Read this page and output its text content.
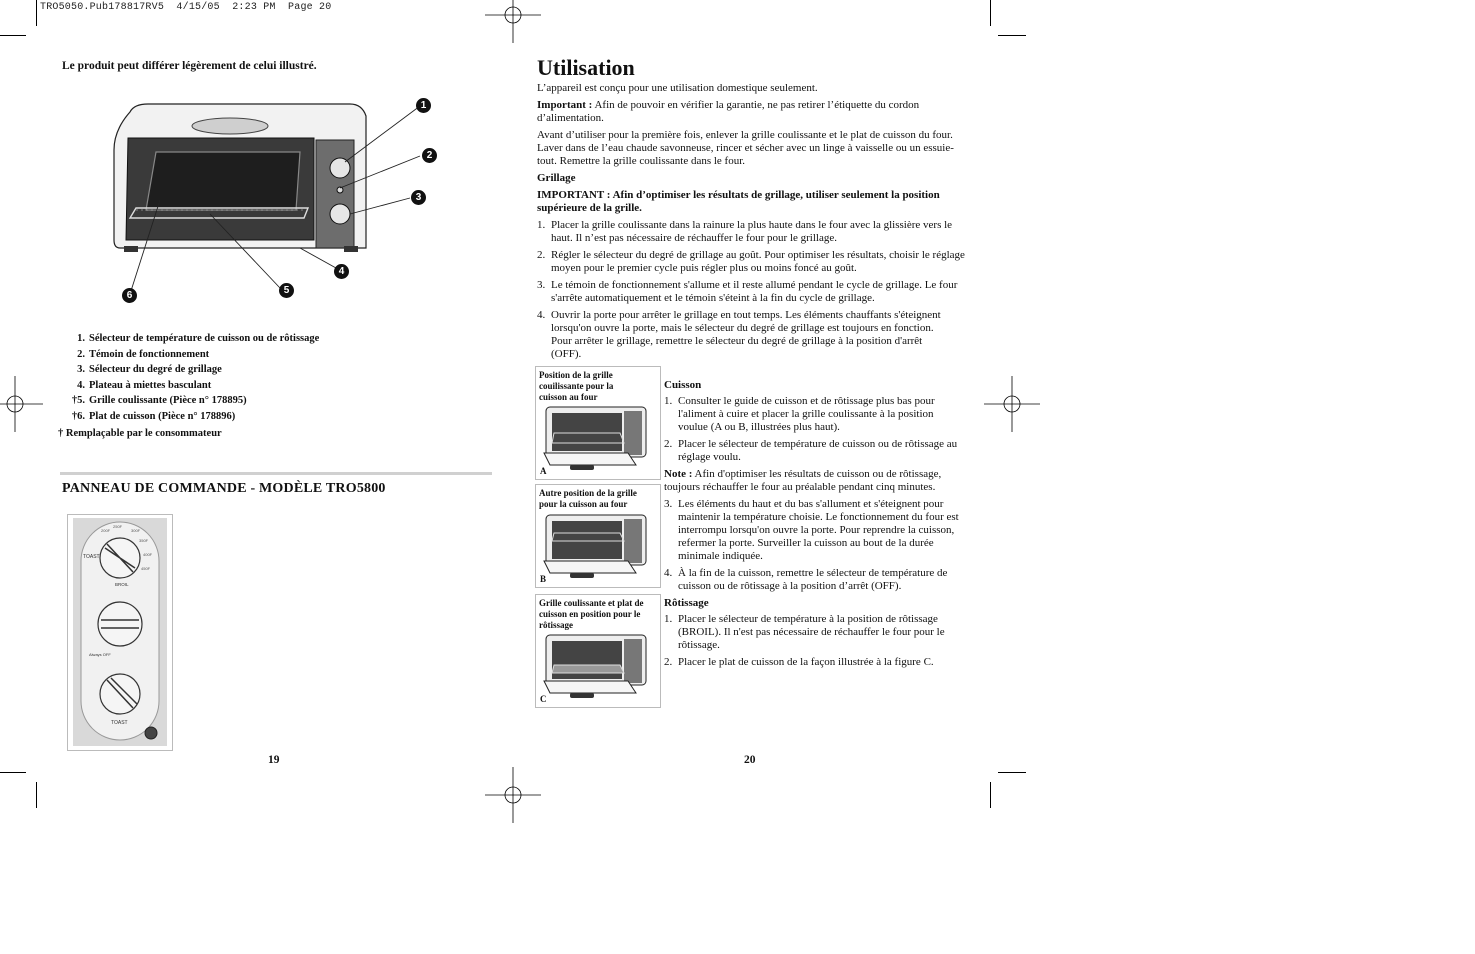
TRO5050.Pub178817RV5  4/15/05  2:23 PM  Page 20
Le produit peut différer légèrement de celui illustré.
1
2
3
4
5
6
1. Sélecteur de température de cuisson ou de rôtissage
2. Témoin de fonctionnement
3. Sélecteur du degré de grillage
4. Plateau à miettes basculant
†5. Grille coulissante (Pièce n° 178895)
†6. Plat de cuisson (Pièce n° 178896)
† Remplaçable par le consommateur
PANNEAU DE COMMANDE - MODÈLE TRO5800
250F
300F
350F
400F
450F
200F
TOAST
BROIL
Always OFF
TOAST
19
Utilisation
L’appareil est conçu pour une utilisation domestique seulement.
Important : Afin de pouvoir en vérifier la garantie, ne pas retirer l’étiquette du cordon d’alimentation.
Avant d’utiliser pour la première fois, enlever la grille coulissante et le plat de cuisson du four. Laver dans de l’eau chaude savonneuse, rincer et sécher avec un linge à vaisselle ou un essuie-tout. Remettre la grille coulissante dans le four.
Grillage
IMPORTANT : Afin d’optimiser les résultats de grillage, utiliser seulement la position supérieure de la grille.
1. Placer la grille coulissante dans la rainure la plus haute dans le four avec la glissière vers le haut. Il n’est pas nécessaire de réchauffer le four pour le grillage.
2. Régler le sélecteur du degré de grillage au goût. Pour optimiser les résultats, choisir le réglage moyen pour le premier cycle puis régler plus ou moins foncé au goût.
3. Le témoin de fonctionnement s'allume et il reste allumé pendant le cycle de grillage. Le four s'arrête automatiquement et le témoin s'éteint à la fin du cycle de grillage.
4. Ouvrir la porte pour arrêter le grillage en tout temps. Les éléments chauffants s'éteignent lorsqu'on ouvre la porte, mais le sélecteur du degré de grillage est toujours en fonction. Pour arrêter le grillage, remettre le sélecteur du degré de grillage à la position d'arrêt (OFF).
Position de la grille couilissante pour la cuisson au four
A
Autre position de la grille pour la cuisson au four
B
Grille coulissante et plat de cuisson en position pour le rôtissage
C
Cuisson
1. Consulter le guide de cuisson et de rôtissage plus bas pour l'aliment à cuire et placer la grille coulissante à la position voulue (A ou B, illustrées plus haut).
2. Placer le sélecteur de température de cuisson ou de rôtissage au réglage voulu.
Note : Afin d'optimiser les résultats de cuisson ou de rôtissage, toujours réchauffer le four au préalable pendant cinq minutes.
3. Les éléments du haut et du bas s'allument et s'éteignent pour maintenir la température choisie. Le fonctionnement du four est interrompu lorsqu'on ouvre la porte. Pour reprendre la cuisson, refermer la porte. Surveiller la cuisson au bout de la durée minimale indiquée.
4. À la fin de la cuisson, remettre le sélecteur de température de cuisson ou de rôtissage à la position d’arrêt (OFF).
Rôtissage
1. Placer le sélecteur de température à la position de rôtissage (BROIL). Il n'est pas nécessaire de réchauffer le four pour le rôtissage.
2. Placer le plat de cuisson de la façon illustrée à la figure C.
20
